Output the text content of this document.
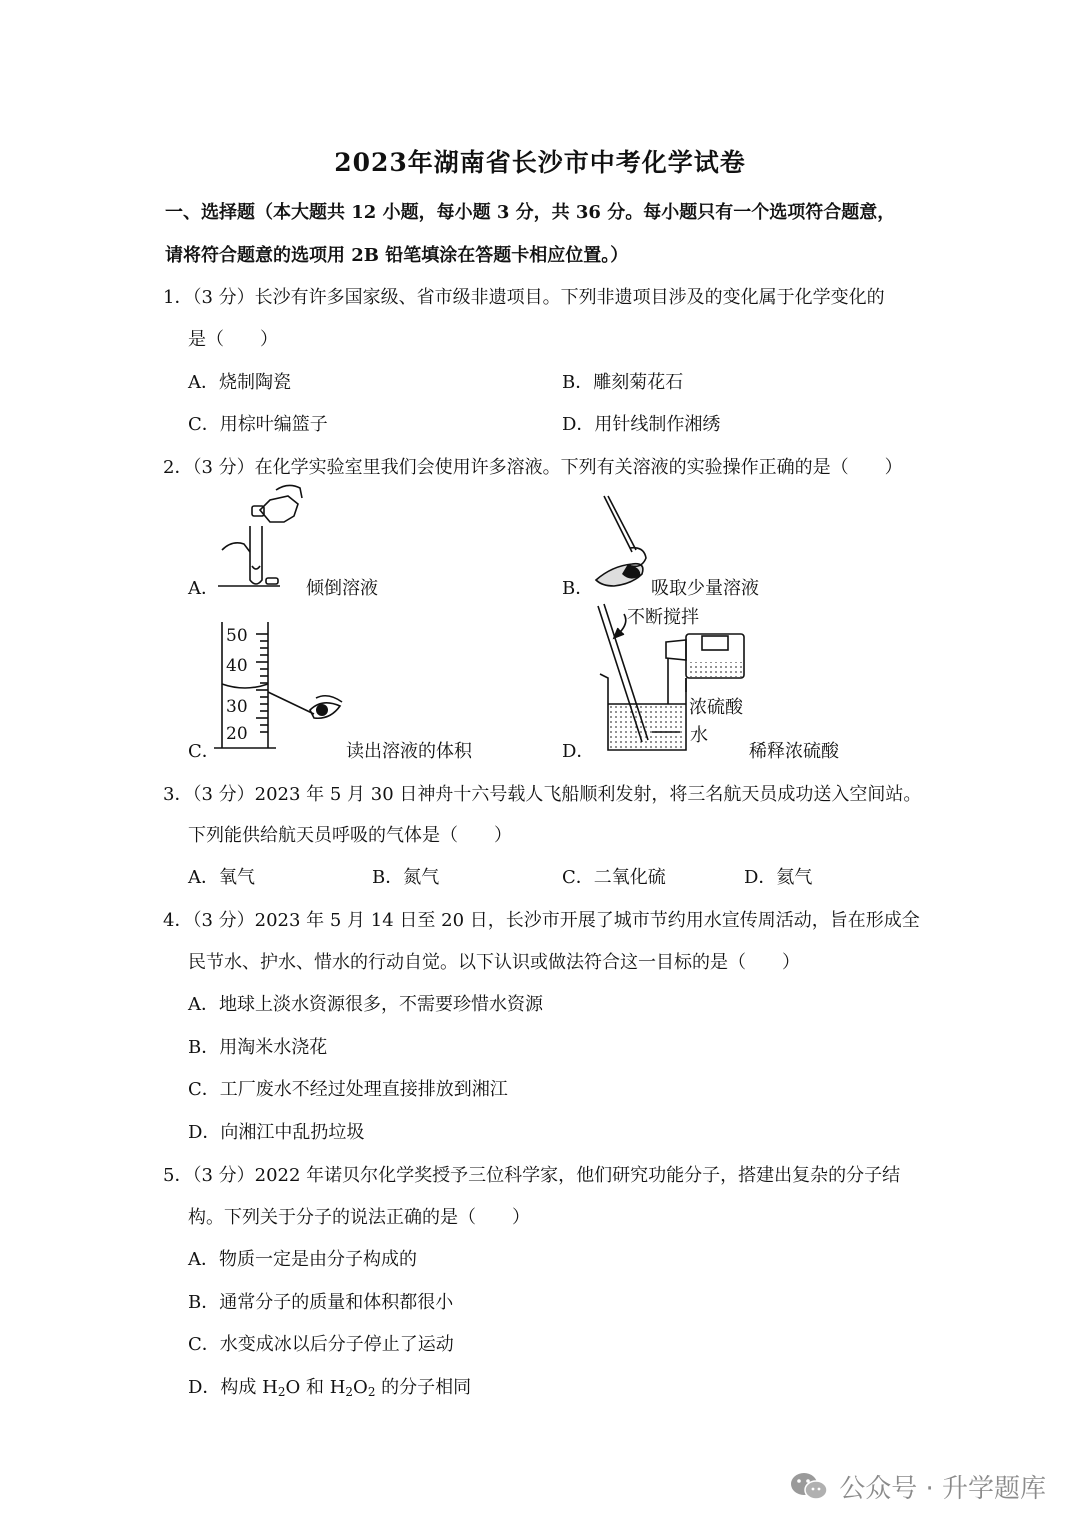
2023年湖南省长沙市中考化学试卷
一、选择题（本大题共 12 小题，每小题 3 分，共 36 分。每小题只有一个选项符合题意，
请将符合题意的选项用 2B 铅笔填涂在答题卡相应位置。）
1．（3 分）长沙有许多国家级、省市级非遗项目。下列非遗项目涉及的变化属于化学变化的
是（　　）
A．烧制陶瓷	B．雕刻菊花石
C．用棕叶编篮子	D．用针线制作湘绣
2．（3 分）在化学实验室里我们会使用许多溶液。下列有关溶液的实验操作正确的是（　　）
A．	倾倒溶液	B．	吸取少量溶液
C．	读出溶液的体积	D．	稀释浓硫酸
50
40
30
20
不断搅拌
浓硫酸
水
3．（3 分）2023 年 5 月 30 日神舟十六号载人飞船顺利发射，将三名航天员成功送入空间站。
下列能供给航天员呼吸的气体是（　　）
A．氧气	B．氮气	C．二氧化硫	D．氦气
4．（3 分）2023 年 5 月 14 日至 20 日，长沙市开展了城市节约用水宣传周活动，旨在形成全
民节水、护水、惜水的行动自觉。以下认识或做法符合这一目标的是（　　）
A．地球上淡水资源很多，不需要珍惜水资源
B．用淘米水浇花
C．工厂废水不经过处理直接排放到湘江
D．向湘江中乱扔垃圾
5．（3 分）2022 年诺贝尔化学奖授予三位科学家，他们研究功能分子，搭建出复杂的分子结
构。下列关于分子的说法正确的是（　　）
A．物质一定是由分子构成的
B．通常分子的质量和体积都很小
C．水变成冰以后分子停止了运动
D．构成 $H_2O$ 和 $H_2O_2$ 的分子相同
公众号 · 升学题库
